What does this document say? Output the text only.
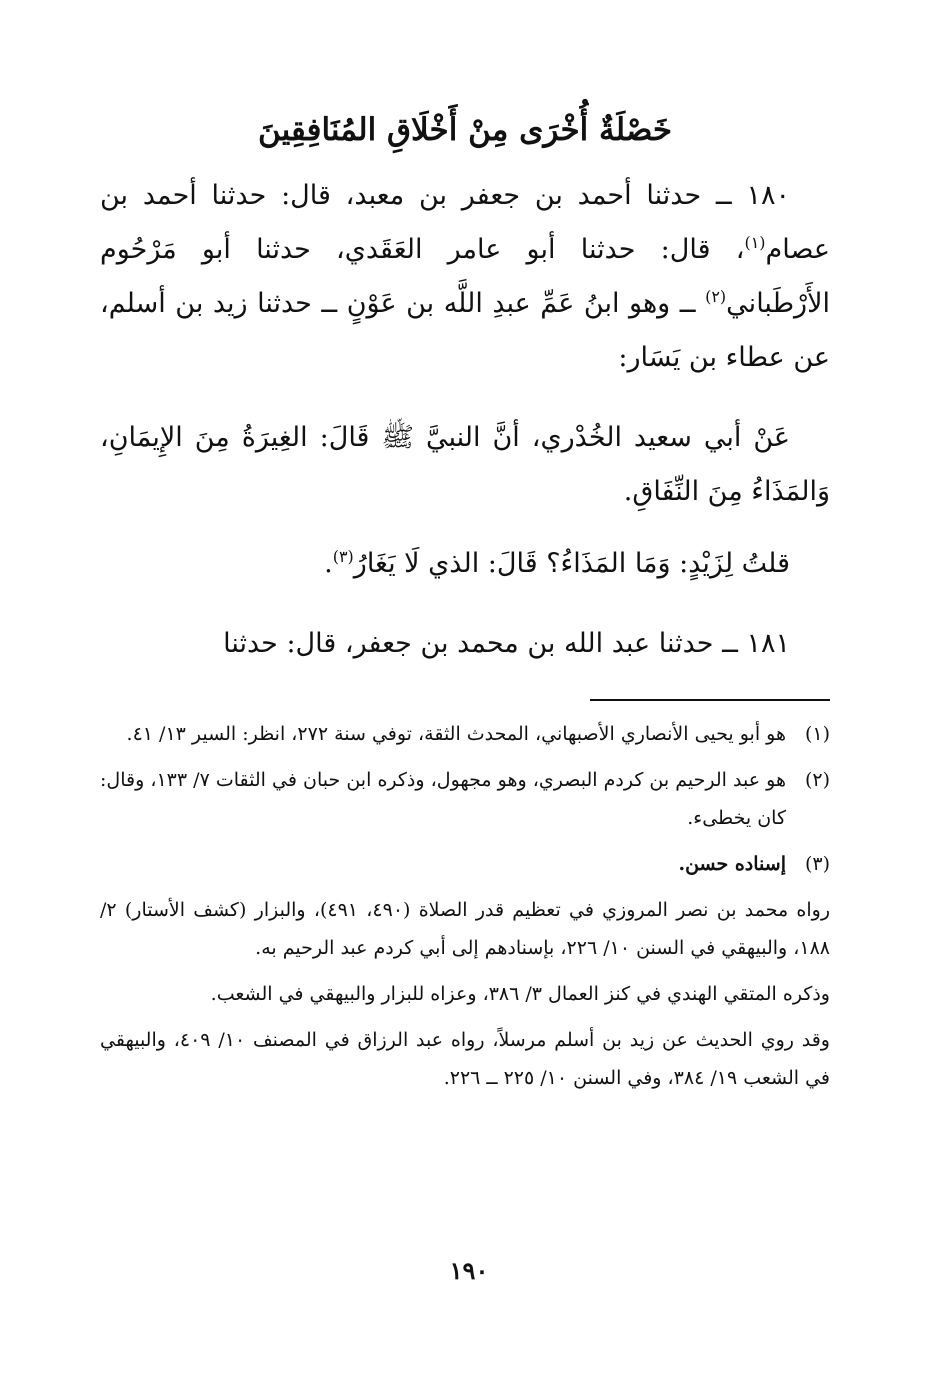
خَصْلَةٌ أُخْرَى مِنْ أَخْلَاقِ المُنَافِقِينَ

١٨٠ ــ حدثنا أحمد بن جعفر بن معبد، قال: حدثنا أحمد بن عصام$^{(١)}$، قال: حدثنا أبو عامر العَقَدي، حدثنا أبو مَرْحُوم الأَرْطَباني$^{(٢)}$ ــ وهو ابنُ عَمِّ عبدِ اللَّه بن عَوْنٍ ــ حدثنا زيد بن أسلم، عن عطاء بن يَسَار:

عَنْ أبي سعيد الخُدْري، أنَّ النبيَّ ﷺ قَالَ: الغِيرَةُ مِنَ الإِيمَانِ، وَالمَذَاءُ مِنَ النِّفَاقِ.

قلتُ لِزَيْدٍ: وَمَا المَذَاءُ؟ قَالَ: الذي لَا يَغَارُ$^{(٣)}$.

١٨١ ــ حدثنا عبد الله بن محمد بن جعفر، قال: حدثنا

(١)
هو أبو يحيى الأنصاري الأصبهاني، المحدث الثقة، توفي سنة ٢٧٢، انظر: السير ١٣/ ٤١.
(٢)
هو عبد الرحيم بن كردم البصري، وهو مجهول، وذكره ابن حبان في الثقات ٧/ ١٣٣، وقال: كان يخطىء.
(٣)
إسناده حسن.

رواه محمد بن نصر المروزي في تعظيم قدر الصلاة (٤٩٠، ٤٩١)، والبزار (كشف الأستار) ٢/ ١٨٨، والبيهقي في السنن ١٠/ ٢٢٦، بإسنادهم إلى أبي كردم عبد الرحيم به.

وذكره المتقي الهندي في كنز العمال ٣/ ٣٨٦، وعزاه للبزار والبيهقي في الشعب.

وقد روي الحديث عن زيد بن أسلم مرسلاً، رواه عبد الرزاق في المصنف ١٠/ ٤٠٩، والبيهقي في الشعب ١٩/ ٣٨٤، وفي السنن ١٠/ ٢٢٥ ــ ٢٢٦.

١٩٠
